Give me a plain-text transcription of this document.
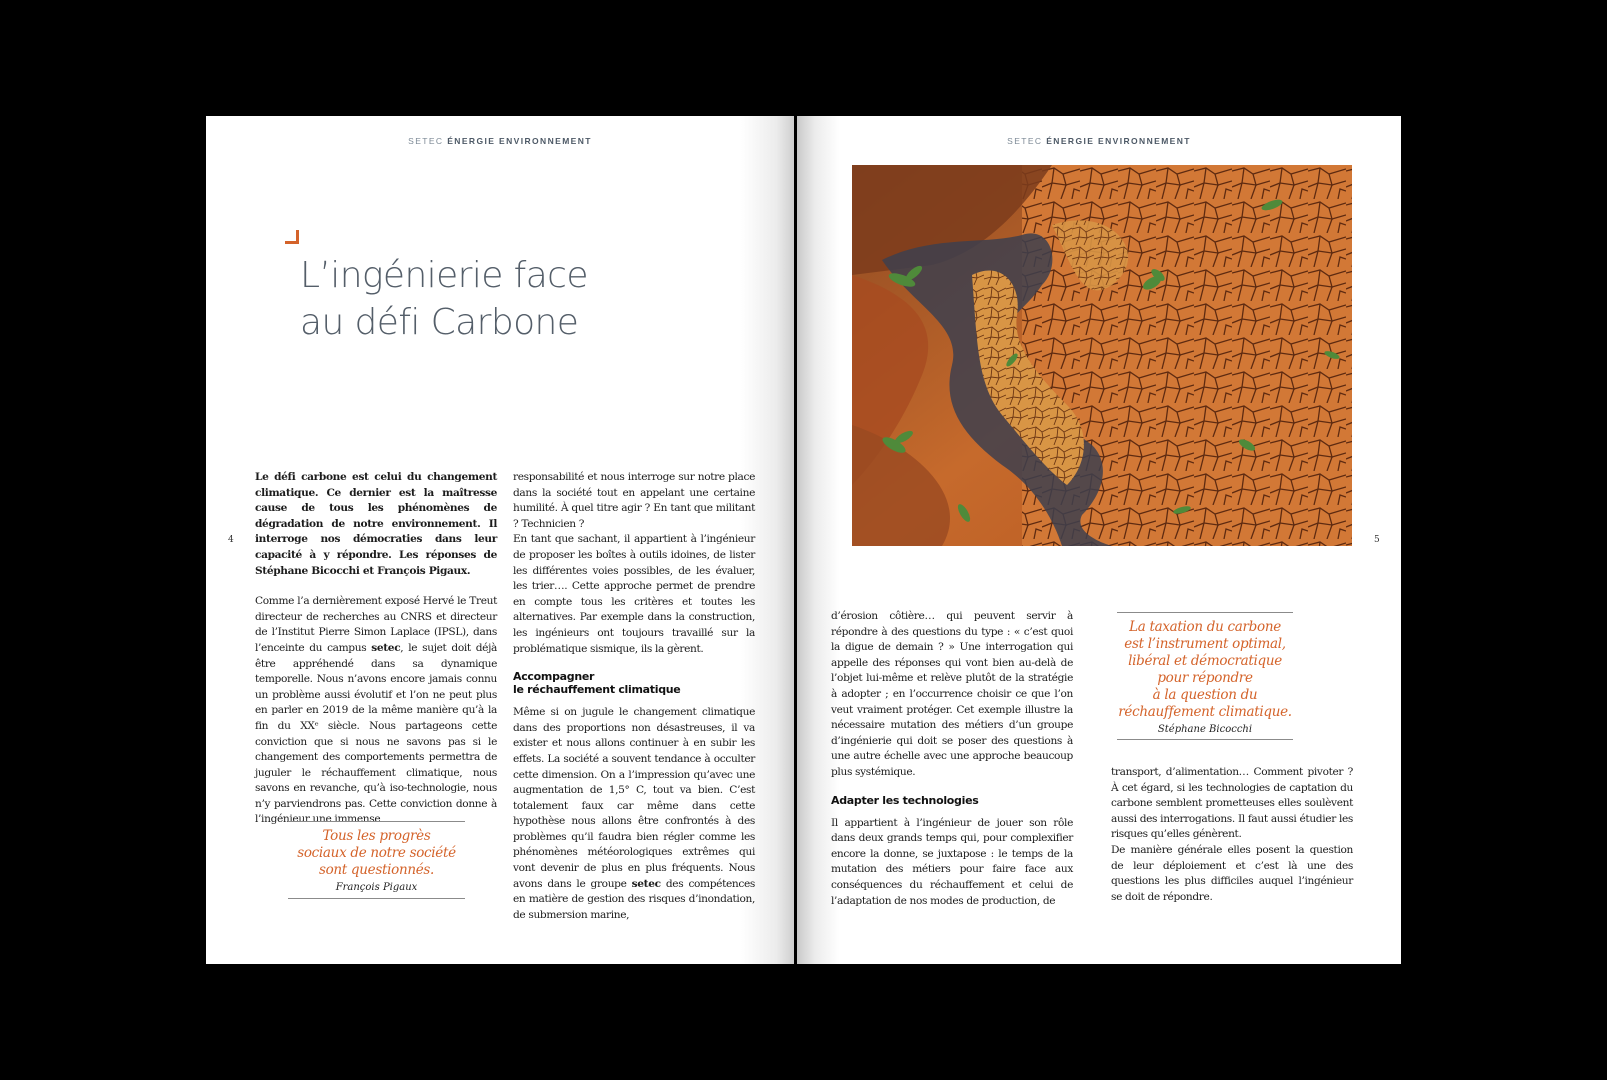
SETEC ÉNERGIE ENVIRONNEMENT
4
L’ingénierie face
au défi Carbone

Le défi carbone est celui du changement climatique. Ce dernier est la maîtresse cause de tous les phénomènes de dégradation de notre environnement. Il interroge nos démocraties dans leur capacité à y répondre. Les réponses de Stéphane Bicocchi et François Pigaux.

Comme l’a dernièrement exposé Hervé le Treut directeur de recherches au CNRS et directeur de l’Institut Pierre Simon Laplace (IPSL), dans l’enceinte du campus setec, le sujet doit déjà être appréhendé dans sa dynamique temporelle. Nous n’avons encore jamais connu un problème aussi évolutif et l’on ne peut plus en parler en 2019 de la même manière qu’à la fin du XXᵉ siècle. Nous partageons cette conviction que si nous ne savons pas si le changement des comportements permettra de juguler le réchauffement climatique, nous savons en revanche, qu’à iso-technologie, nous n’y parviendrons pas. Cette conviction donne à l’ingénieur une immense

Tous les progrès
sociaux de notre société
sont questionnés.
François Pigaux

responsabilité et nous interroge sur notre place dans la société tout en appelant une certaine humilité. À quel titre agir ? En tant que militant ? Technicien ?

En tant que sachant, il appartient à l’ingénieur de proposer les boîtes à outils idoines, de lister les différentes voies possibles, de les évaluer, les trier…. Cette approche permet de prendre en compte tous les critères et toutes les alternatives. Par exemple dans la construction, les ingénieurs ont toujours travaillé sur la problématique sismique, ils la gèrent.

Accompagner
le réchauffement climatique

Même si on jugule le changement climatique dans des proportions non désastreuses, il va exister et nous allons continuer à en subir les effets. La société a souvent tendance à occulter cette dimension. On a l’impression qu’avec une augmentation de 1,5° C, tout va bien. C’est totalement faux car même dans cette hypothèse nous allons être confrontés à des problèmes qu’il faudra bien régler comme les phénomènes météorologiques extrêmes qui vont devenir de plus en plus fréquents. Nous avons dans le groupe setec des compétences en matière de gestion des risques d’inondation, de submersion marine,

SETEC ÉNERGIE ENVIRONNEMENT
5

d’érosion côtière… qui peuvent servir à répondre à des questions du type : « c’est quoi la digue de demain ? » Une interrogation qui appelle des réponses qui vont bien au-delà de l’objet lui-même et relève plutôt de la stratégie à adopter ; en l’occurrence choisir ce que l’on veut vraiment protéger. Cet exemple illustre la nécessaire mutation des métiers d’un groupe d’ingénierie qui doit se poser des questions à une autre échelle avec une approche beaucoup plus systémique.

Adapter les technologies

Il appartient à l’ingénieur de jouer son rôle dans deux grands temps qui, pour complexifier encore la donne, se juxtapose : le temps de la mutation des métiers pour faire face aux conséquences du réchauffement et celui de l’adaptation de nos modes de production, de

La taxation du carbone
est l’instrument optimal,
libéral et démocratique
pour répondre
à la question du
réchauffement climatique.
Stéphane Bicocchi

transport, d’alimentation… Comment pivoter ? À cet égard, si les technologies de captation du carbone semblent prometteuses elles soulèvent aussi des interrogations. Il faut aussi étudier les risques qu’elles génèrent.

De manière générale elles posent la question de leur déploiement et c’est là une des questions les plus difficiles auquel l’ingénieur se doit de répondre.
